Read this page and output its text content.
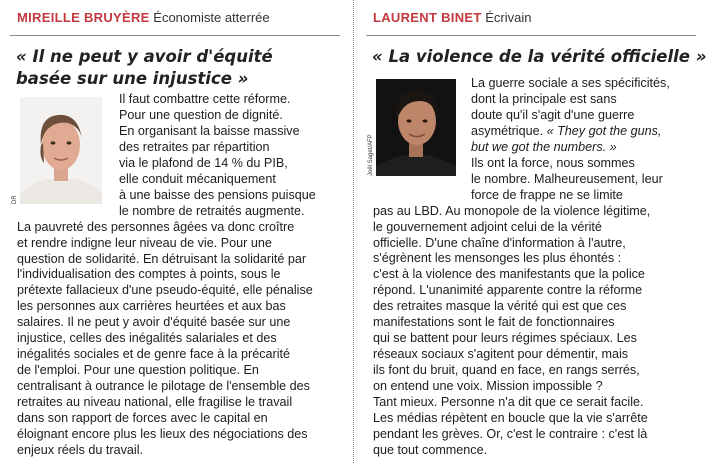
MIREILLE BRUYÈRE Économiste atterrée
« Il ne peut y avoir d'équité
basée sur une injustice »
DR
Il faut combattre cette réforme.
Pour une question de dignité.
En organisant la baisse massive
des retraites par répartition
via le plafond de 14 % du PIB,
elle conduit mécaniquement
à une baisse des pensions puisque
le nombre de retraités augmente.
La pauvreté des personnes âgées va donc croître
et rendre indigne leur niveau de vie. Pour une
question de solidarité. En détruisant la solidarité par
l'individualisation des comptes à points, sous le
prétexte fallacieux d'une pseudo-équité, elle pénalise
les personnes aux carrières heurtées et aux bas
salaires. Il ne peut y avoir d'équité basée sur une
injustice, celles des inégalités salariales et des
inégalités sociales et de genre face à la précarité
de l'emploi. Pour une question politique. En
centralisant à outrance le pilotage de l'ensemble des
retraites au niveau national, elle fragilise le travail
dans son rapport de forces avec le capital en
éloignant encore plus les lieux des négociations des
enjeux réels du travail.
LAURENT BINET Écrivain
« La violence de la vérité officielle »
Joël Saget/AFP
La guerre sociale a ses spécificités,
dont la principale est sans
doute qu'il s'agit d'une guerre
asymétrique. « They got the guns,
but we got the numbers. »
Ils ont la force, nous sommes
le nombre. Malheureusement, leur
force de frappe ne se limite
pas au LBD. Au monopole de la violence légitime,
le gouvernement adjoint celui de la vérité
officielle. D'une chaîne d'information à l'autre,
s'égrènent les mensonges les plus éhontés :
c'est à la violence des manifestants que la police
répond. L'unanimité apparente contre la réforme
des retraites masque la vérité qui est que ces
manifestations sont le fait de fonctionnaires
qui se battent pour leurs régimes spéciaux. Les
réseaux sociaux s'agitent pour démentir, mais
ils font du bruit, quand en face, en rangs serrés,
on entend une voix. Mission impossible ?
Tant mieux. Personne n'a dit que ce serait facile.
Les médias répètent en boucle que la vie s'arrête
pendant les grèves. Or, c'est le contraire : c'est là
que tout commence.
